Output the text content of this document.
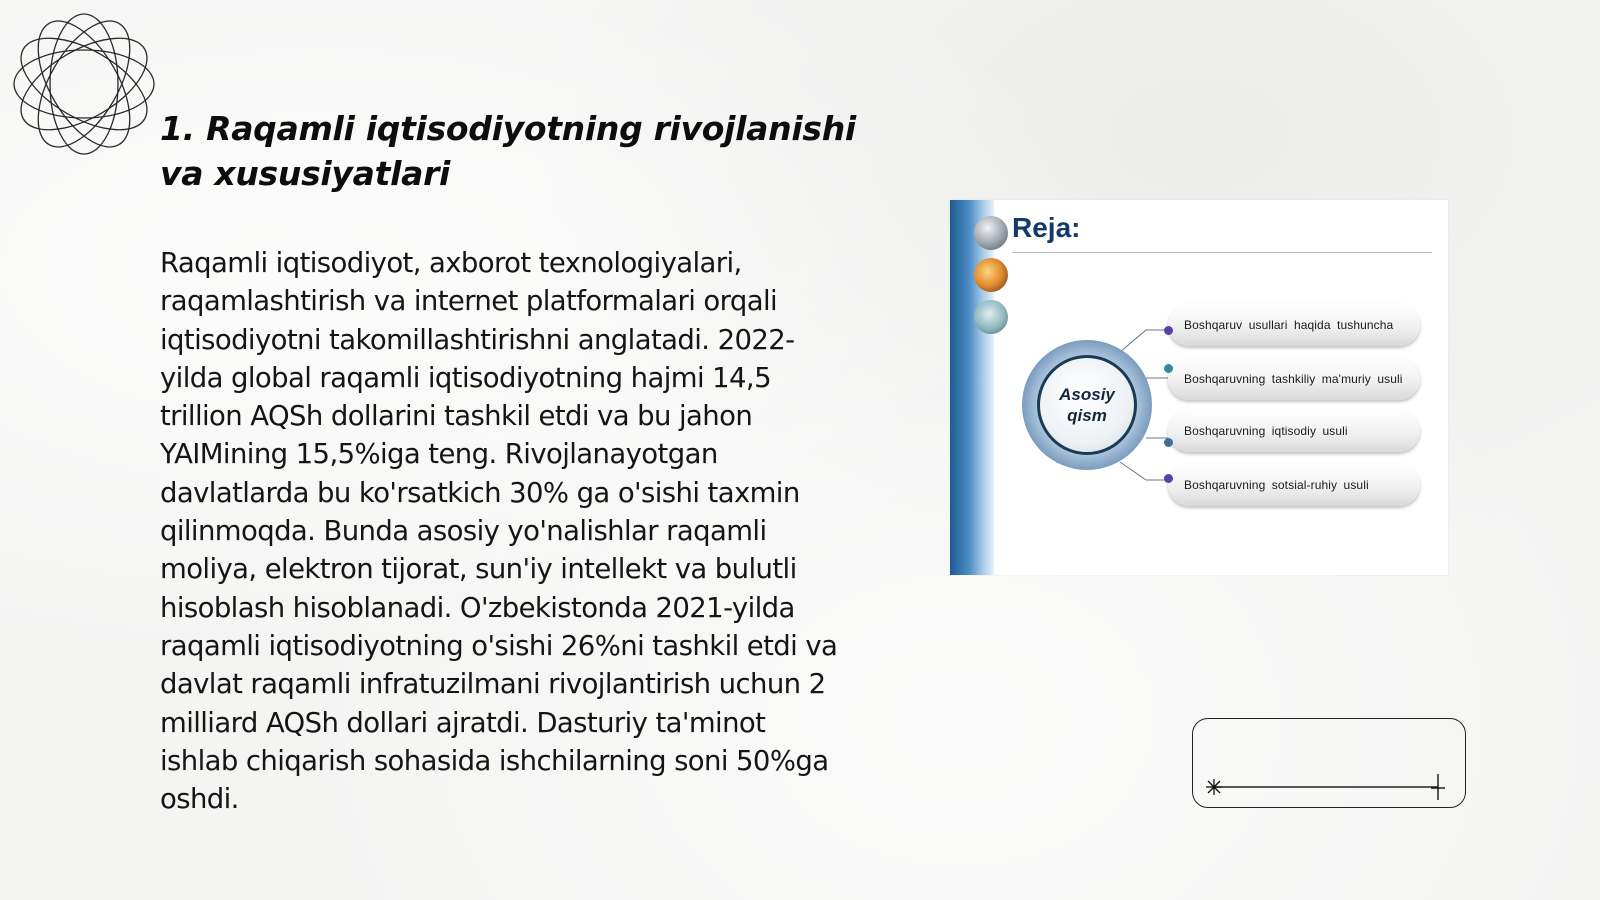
1. Raqamli iqtisodiyotning rivojlanishi va xususiyatlari

Raqamli iqtisodiyot, axborot texnologiyalari, raqamlashtirish va internet platformalari orqali iqtisodiyotni takomillashtirishni anglatadi. 2022-yilda global raqamli iqtisodiyotning hajmi 14,5 trillion AQSh dollarini tashkil etdi va bu jahon YAIMining 15,5%iga teng. Rivojlanayotgan davlatlarda bu ko'rsatkich 30% ga o'sishi taxmin qilinmoqda. Bunda asosiy yo'nalishlar raqamli moliya, elektron tijorat, sun'iy intellekt va bulutli hisoblash hisoblanadi. O'zbekistonda 2021-yilda raqamli iqtisodiyotning o'sishi 26%ni tashkil etdi va davlat raqamli infratuzilmani rivojlantirish uchun 2 milliard AQSh dollari ajratdi. Dasturiy ta'minot ishlab chiqarish sohasida ishchilarning soni 50%ga oshdi.

Reja:
Asosiy qism
Boshqaruv usullari haqida tushuncha
Boshqaruvning tashkiliy ma'muriy usuli
Boshqaruvning iqtisodiy usuli
Boshqaruvning sotsial-ruhiy usuli
